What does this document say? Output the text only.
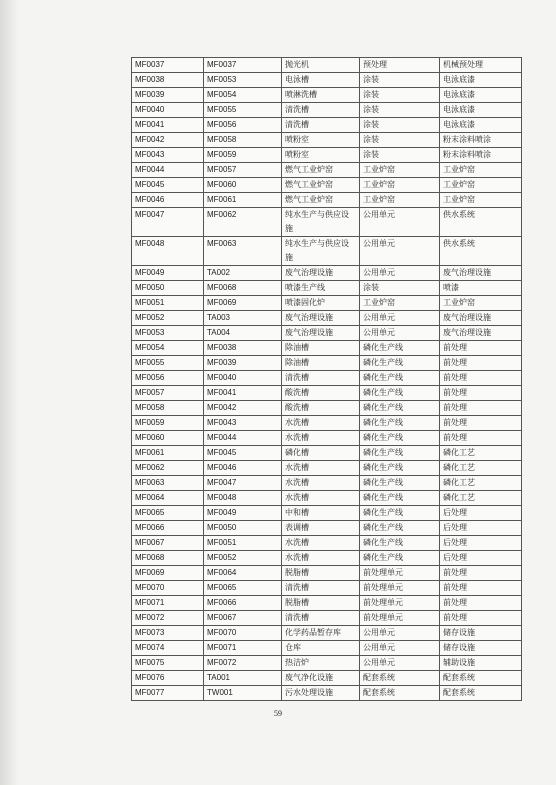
MF0037	MF0037	抛光机	预处理	机械预处理
MF0038	MF0053	电泳槽	涂装	电泳底漆
MF0039	MF0054	喷淋洗槽	涂装	电泳底漆
MF0040	MF0055	清洗槽	涂装	电泳底漆
MF0041	MF0056	清洗槽	涂装	电泳底漆
MF0042	MF0058	喷粉室	涂装	粉末涂料喷涂
MF0043	MF0059	喷粉室	涂装	粉末涂料喷涂
MF0044	MF0057	燃气工业炉窑	工业炉窑	工业炉窑
MF0045	MF0060	燃气工业炉窑	工业炉窑	工业炉窑
MF0046	MF0061	燃气工业炉窑	工业炉窑	工业炉窑
MF0047	MF0062	纯水生产与供应设施	公用单元	供水系统
MF0048	MF0063	纯水生产与供应设施	公用单元	供水系统
MF0049	TA002	废气治理设施	公用单元	废气治理设施
MF0050	MF0068	喷漆生产线	涂装	喷漆
MF0051	MF0069	喷漆固化炉	工业炉窑	工业炉窑
MF0052	TA003	废气治理设施	公用单元	废气治理设施
MF0053	TA004	废气治理设施	公用单元	废气治理设施
MF0054	MF0038	除油槽	磷化生产线	前处理
MF0055	MF0039	除油槽	磷化生产线	前处理
MF0056	MF0040	清洗槽	磷化生产线	前处理
MF0057	MF0041	酸洗槽	磷化生产线	前处理
MF0058	MF0042	酸洗槽	磷化生产线	前处理
MF0059	MF0043	水洗槽	磷化生产线	前处理
MF0060	MF0044	水洗槽	磷化生产线	前处理
MF0061	MF0045	磷化槽	磷化生产线	磷化工艺
MF0062	MF0046	水洗槽	磷化生产线	磷化工艺
MF0063	MF0047	水洗槽	磷化生产线	磷化工艺
MF0064	MF0048	水洗槽	磷化生产线	磷化工艺
MF0065	MF0049	中和槽	磷化生产线	后处理
MF0066	MF0050	表调槽	磷化生产线	后处理
MF0067	MF0051	水洗槽	磷化生产线	后处理
MF0068	MF0052	水洗槽	磷化生产线	后处理
MF0069	MF0064	脱脂槽	前处理单元	前处理
MF0070	MF0065	清洗槽	前处理单元	前处理
MF0071	MF0066	脱脂槽	前处理单元	前处理
MF0072	MF0067	清洗槽	前处理单元	前处理
MF0073	MF0070	化学药品暂存库	公用单元	储存设施
MF0074	MF0071	仓库	公用单元	储存设施
MF0075	MF0072	热洁炉	公用单元	辅助设施
MF0076	TA001	废气净化设施	配套系统	配套系统
MF0077	TW001	污水处理设施	配套系统	配套系统
59
